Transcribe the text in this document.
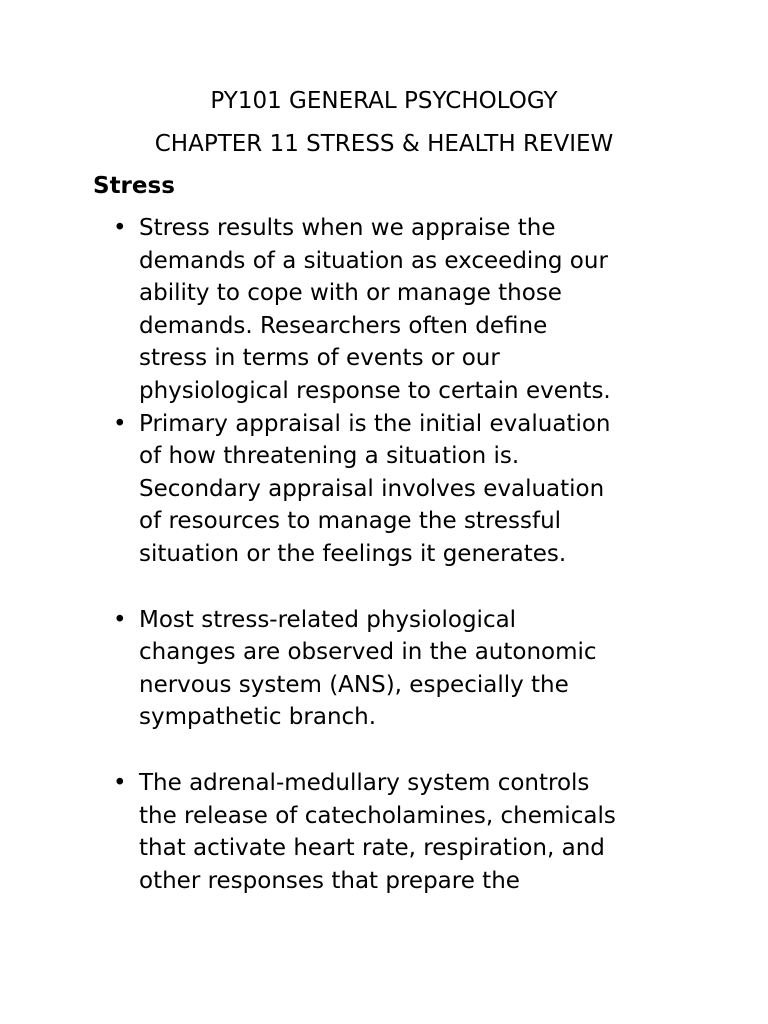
PY101 GENERAL PSYCHOLOGY
CHAPTER 11 STRESS & HEALTH REVIEW
Stress
• Stress results when we appraise the
demands of a situation as exceeding our
ability to cope with or manage those
demands. Researchers often define
stress in terms of events or our
physiological response to certain events.
• Primary appraisal is the initial evaluation
of how threatening a situation is.
Secondary appraisal involves evaluation
of resources to manage the stressful
situation or the feelings it generates.
• Most stress-related physiological
changes are observed in the autonomic
nervous system (ANS), especially the
sympathetic branch.
• The adrenal-medullary system controls
the release of catecholamines, chemicals
that activate heart rate, respiration, and
other responses that prepare the
